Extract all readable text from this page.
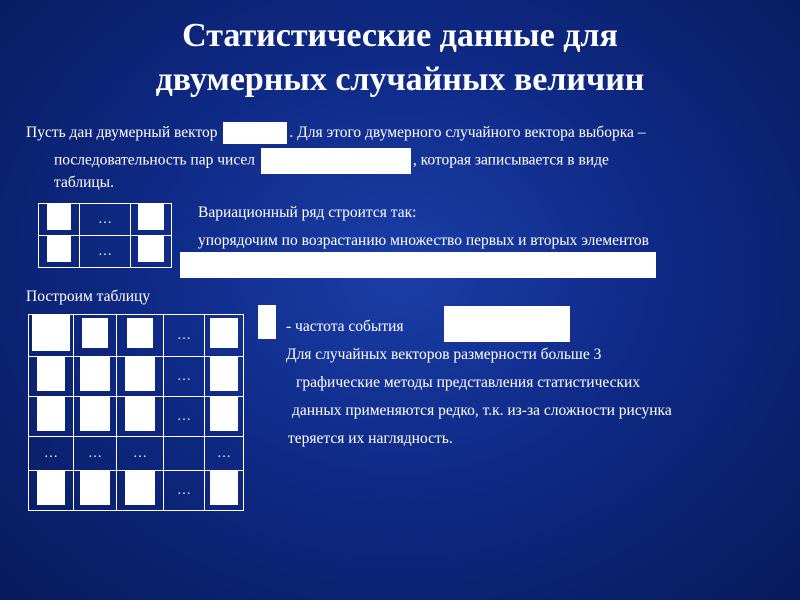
Статистические данные для
двумерных случайных величин
Пусть дан двумерный вектор	. Для этого двумерного случайного вектора выборка –
последовательность пар чисел	, которая записывается в виде
таблицы.
	…	
	…	
Вариационный ряд строится так:
упорядочим по возрастанию множество первых и вторых элементов
Построим таблицу
			…	
			…	
			…	
…	…	…		…
			…	
- частота события
Для случайных векторов размерности больше 3
графические методы представления статистических
данных применяются редко, т.к. из-за сложности рисунка
теряется их наглядность.
